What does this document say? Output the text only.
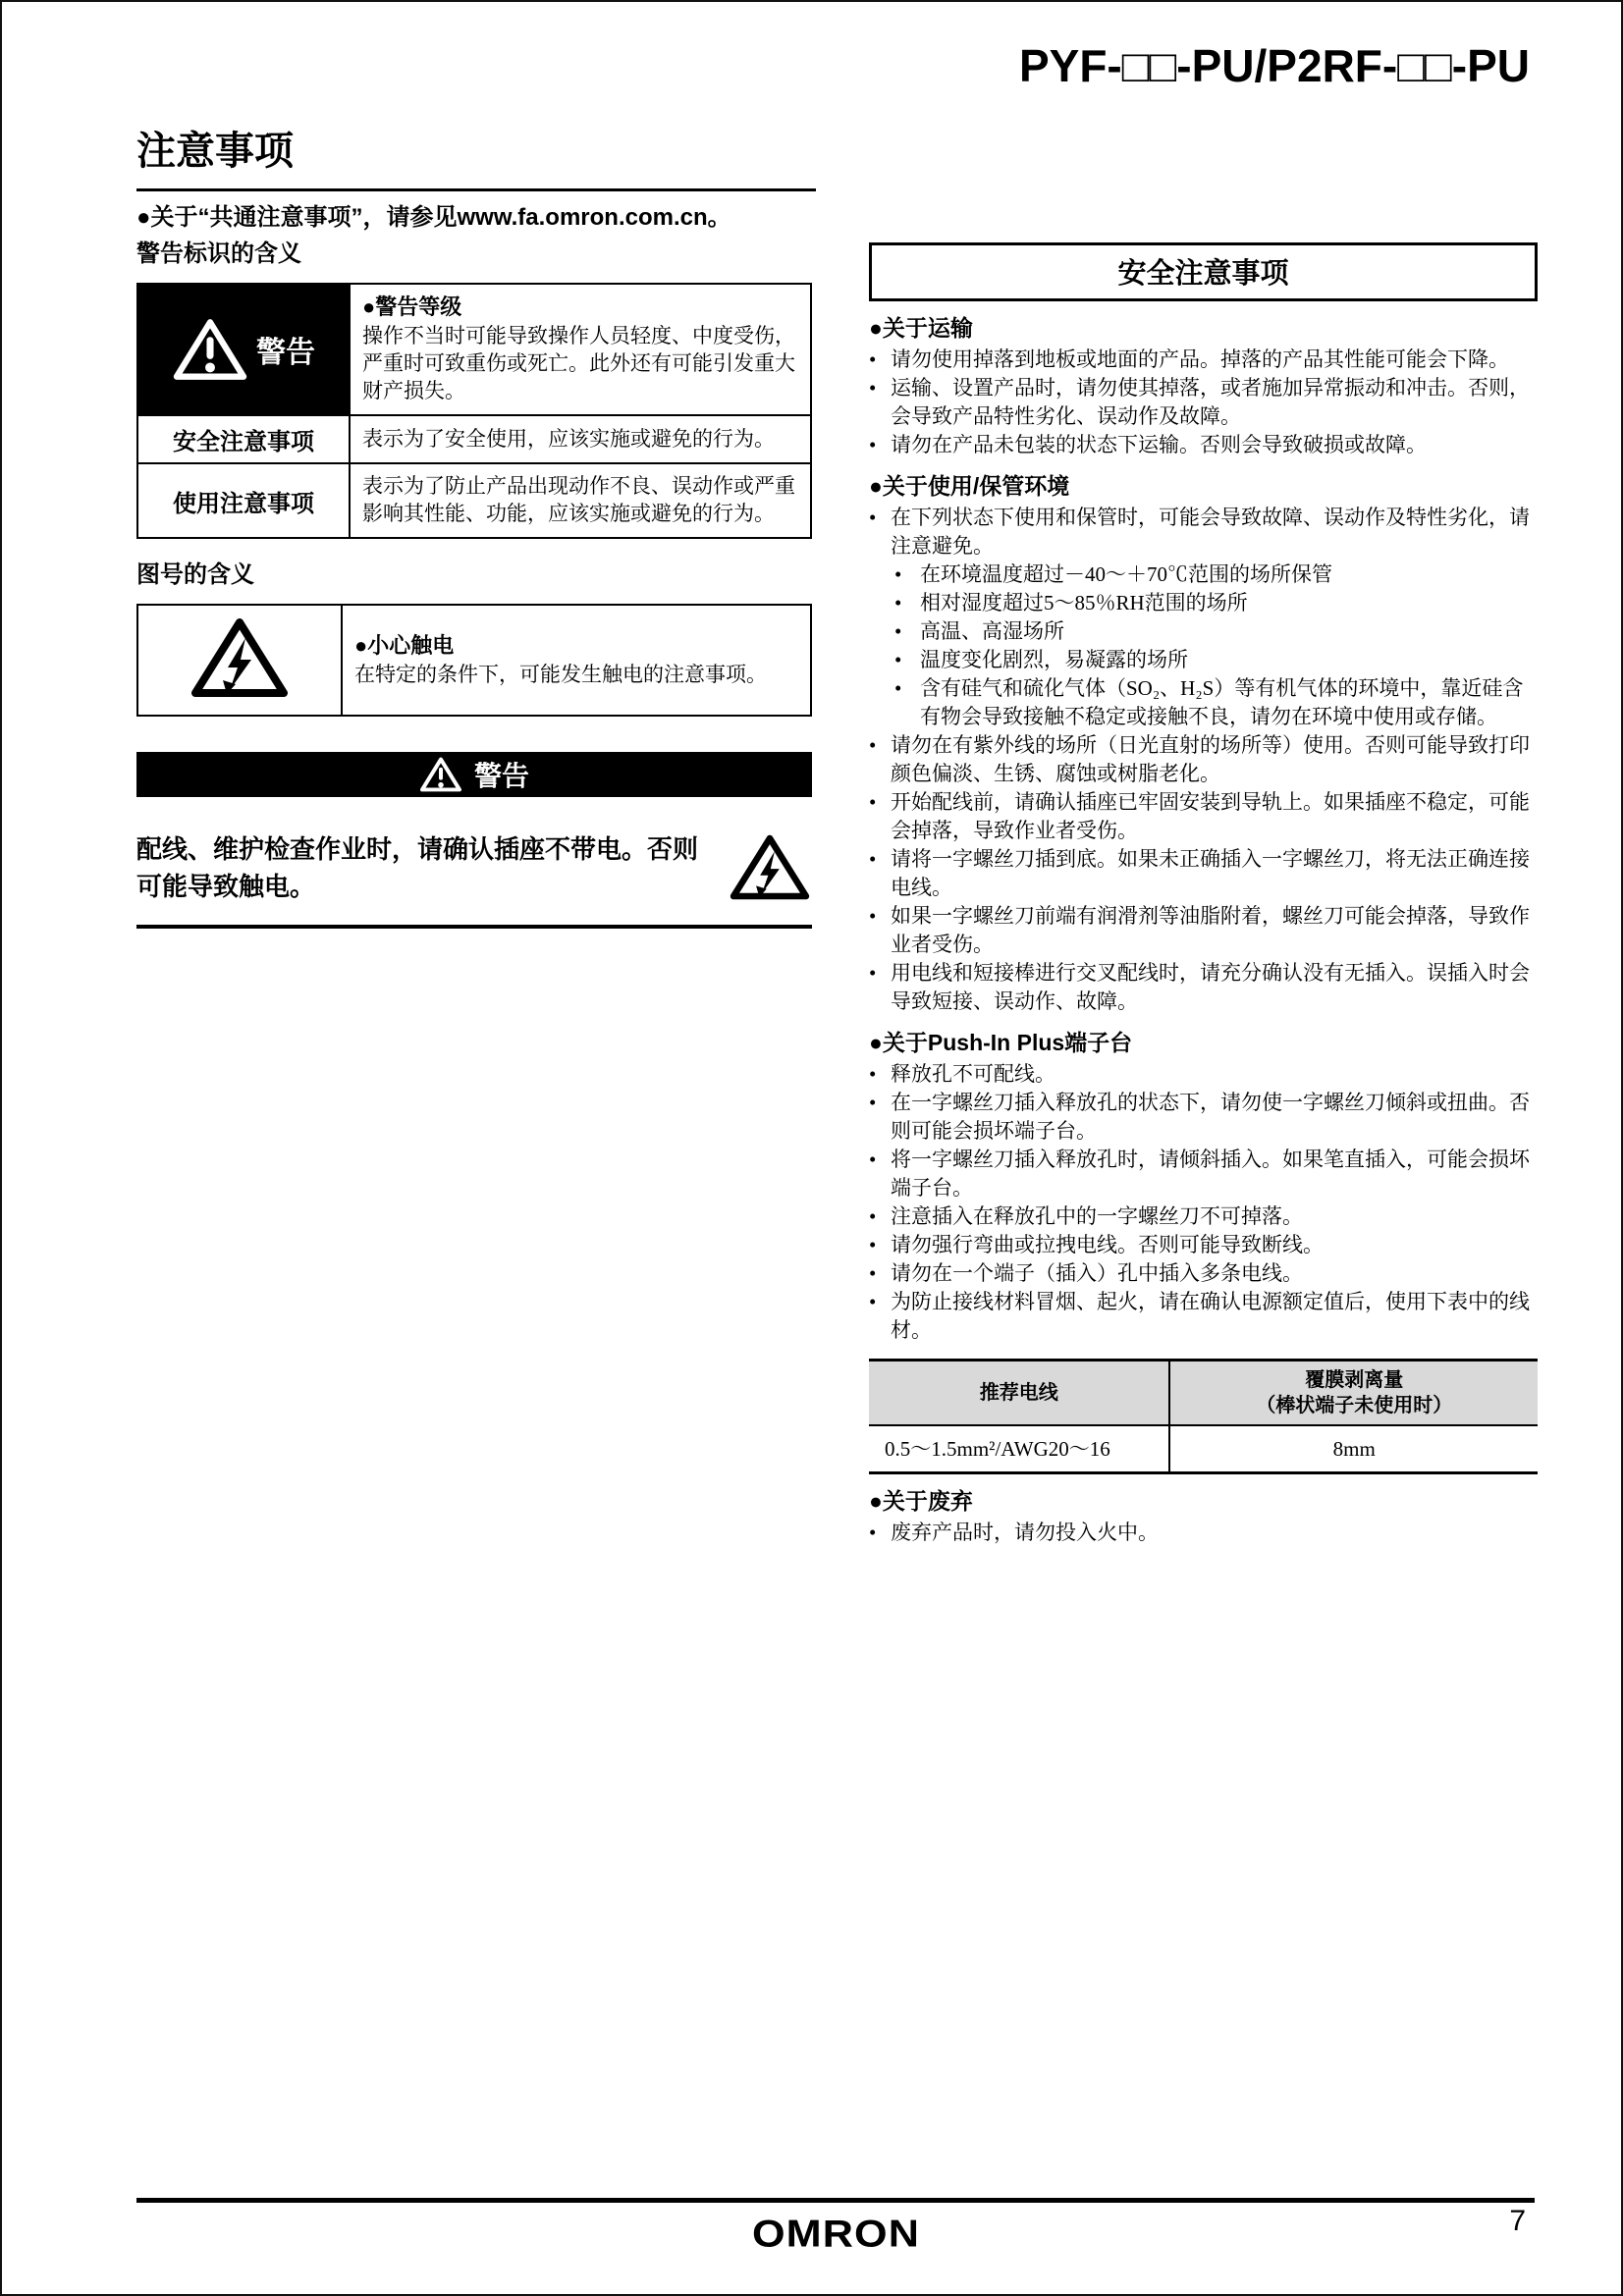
PYF-□□-PU/P2RF-□□-PU
注意事项
●关于“共通注意事项”，请参见www.fa.omron.com.cn。
警告标识的含义
警告	●警告等级
操作不当时可能导致操作人员轻度、中度受伤，严重时可致重伤或死亡。此外还有可能引发重大财产损失。

安全注意事项	表示为了安全使用，应该实施或避免的行为。
使用注意事项	表示为了防止产品出现动作不良、误动作或严重影响其性能、功能，应该实施或避免的行为。
图号的含义

●小心触电
在特定的条件下，可能发生触电的注意事项。
警告
配线、维护检查作业时，请确认插座不带电。否则可能导致触电。
安全注意事项
●关于运输
• 请勿使用掉落到地板或地面的产品。掉落的产品其性能可能会下降。
• 运输、设置产品时，请勿使其掉落，或者施加异常振动和冲击。否则，会导致产品特性劣化、误动作及故障。
• 请勿在产品未包装的状态下运输。否则会导致破损或故障。
●关于使用/保管环境
• 在下列状态下使用和保管时，可能会导致故障、误动作及特性劣化，请注意避免。
• 在环境温度超过－40～＋70℃范围的场所保管
• 相对湿度超过5～85％RH范围的场所
• 高温、高湿场所
• 温度变化剧烈，易凝露的场所
• 含有硅气和硫化气体（SO₂、H₂S）等有机气体的环境中，靠近硅含有物会导致接触不稳定或接触不良，请勿在环境中使用或存储。
• 请勿在有紫外线的场所（日光直射的场所等）使用。否则可能导致打印颜色偏淡、生锈、腐蚀或树脂老化。
• 开始配线前，请确认插座已牢固安装到导轨上。如果插座不稳定，可能会掉落，导致作业者受伤。
• 请将一字螺丝刀插到底。如果未正确插入一字螺丝刀，将无法正确连接电线。
• 如果一字螺丝刀前端有润滑剂等油脂附着，螺丝刀可能会掉落，导致作业者受伤。
• 用电线和短接棒进行交叉配线时，请充分确认没有无插入。误插入时会导致短接、误动作、故障。
●关于Push-In Plus端子台
• 释放孔不可配线。
• 在一字螺丝刀插入释放孔的状态下，请勿使一字螺丝刀倾斜或扭曲。否则可能会损坏端子台。
• 将一字螺丝刀插入释放孔时，请倾斜插入。如果笔直插入，可能会损坏端子台。
• 注意插入在释放孔中的一字螺丝刀不可掉落。
• 请勿强行弯曲或拉拽电线。否则可能导致断线。
• 请勿在一个端子（插入）孔中插入多条电线。
• 为防止接线材料冒烟、起火，请在确认电源额定值后，使用下表中的线材。
推荐电线	覆膜剥离量
（棒状端子未使用时）

0.5～1.5mm²/AWG20～16	8mm
●关于废弃
• 废弃产品时，请勿投入火中。
OMRON	7
